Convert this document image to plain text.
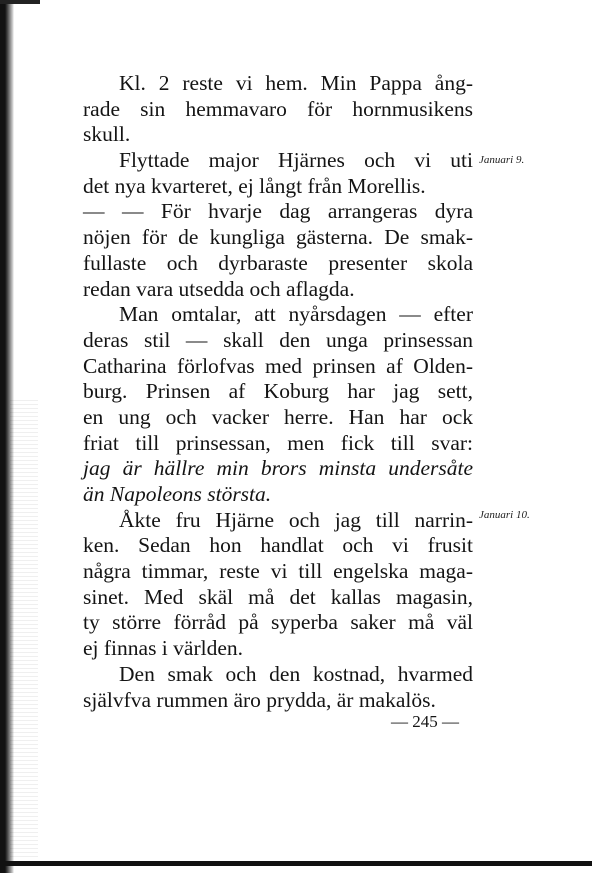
Kl. 2 reste vi hem. Min Pappa ång-
rade sin hemmavaro för hornmusikens
skull.
Flyttade major Hjärnes och vi uti
det nya kvarteret, ej långt från Morellis.
— — För hvarje dag arrangeras dyra
nöjen för de kungliga gästerna. De smak-
fullaste och dyrbaraste presenter skola
redan vara utsedda och aflagda.
Man omtalar, att nyårsdagen — efter
deras stil — skall den unga prinsessan
Catharina förlofvas med prinsen af Olden-
burg. Prinsen af Koburg har jag sett,
en ung och vacker herre. Han har ock
friat till prinsessan, men fick till svar:
jag är hällre min brors minsta undersåte
än Napoleons största.
Åkte fru Hjärne och jag till narrin-
ken. Sedan hon handlat och vi frusit
några timmar, reste vi till engelska maga-
sinet. Med skäl må det kallas magasin,
ty större förråd på syperba saker må väl
ej finnas i världen.
Den smak och den kostnad, hvarmed
självfva rummen äro prydda, är makalös.
Januari 9.
Januari 10.
— 245 —
